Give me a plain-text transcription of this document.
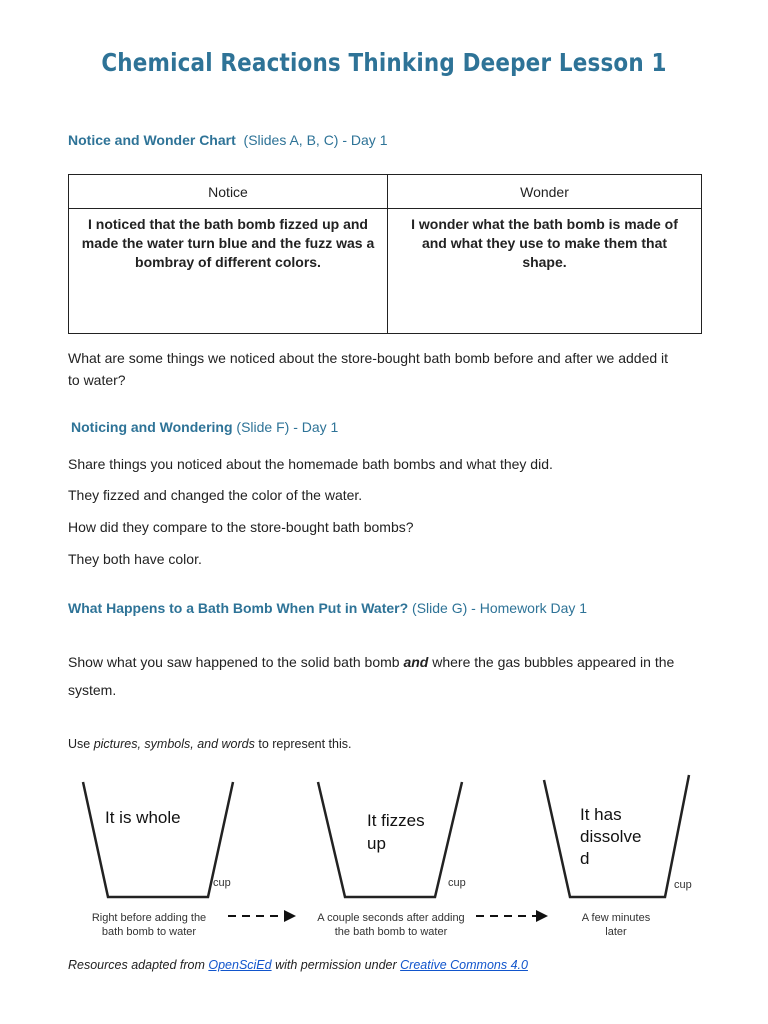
Chemical Reactions Thinking Deeper Lesson 1
Notice and Wonder Chart  (Slides A, B, C) - Day 1
Notice	Wonder
I noticed that the bath bomb fizzed up and made the water turn blue and the fuzz was a bombray of different colors.	I wonder what the bath bomb is made of and what they use to make them that shape.
What are some things we noticed about the store-bought bath bomb before and after we added it
to water?
Noticing and Wondering (Slide F) - Day 1
Share things you noticed about the homemade bath bombs and what they did.
They fizzed and changed the color of the water.
How did they compare to the store-bought bath bombs?
They both have color.
What Happens to a Bath Bomb When Put in Water? (Slide G) - Homework Day 1
Show what you saw happened to the solid bath bomb and where the gas bubbles appeared in the
system.
Use pictures, symbols, and words to represent this.
It is whole
cup
Right before adding the
bath bomb to water
It fizzes
up
cup
A couple seconds after adding
the bath bomb to water
It has
dissolve
d
cup
A few minutes
later
Resources adapted from OpenSciEd with permission under Creative Commons 4.0
